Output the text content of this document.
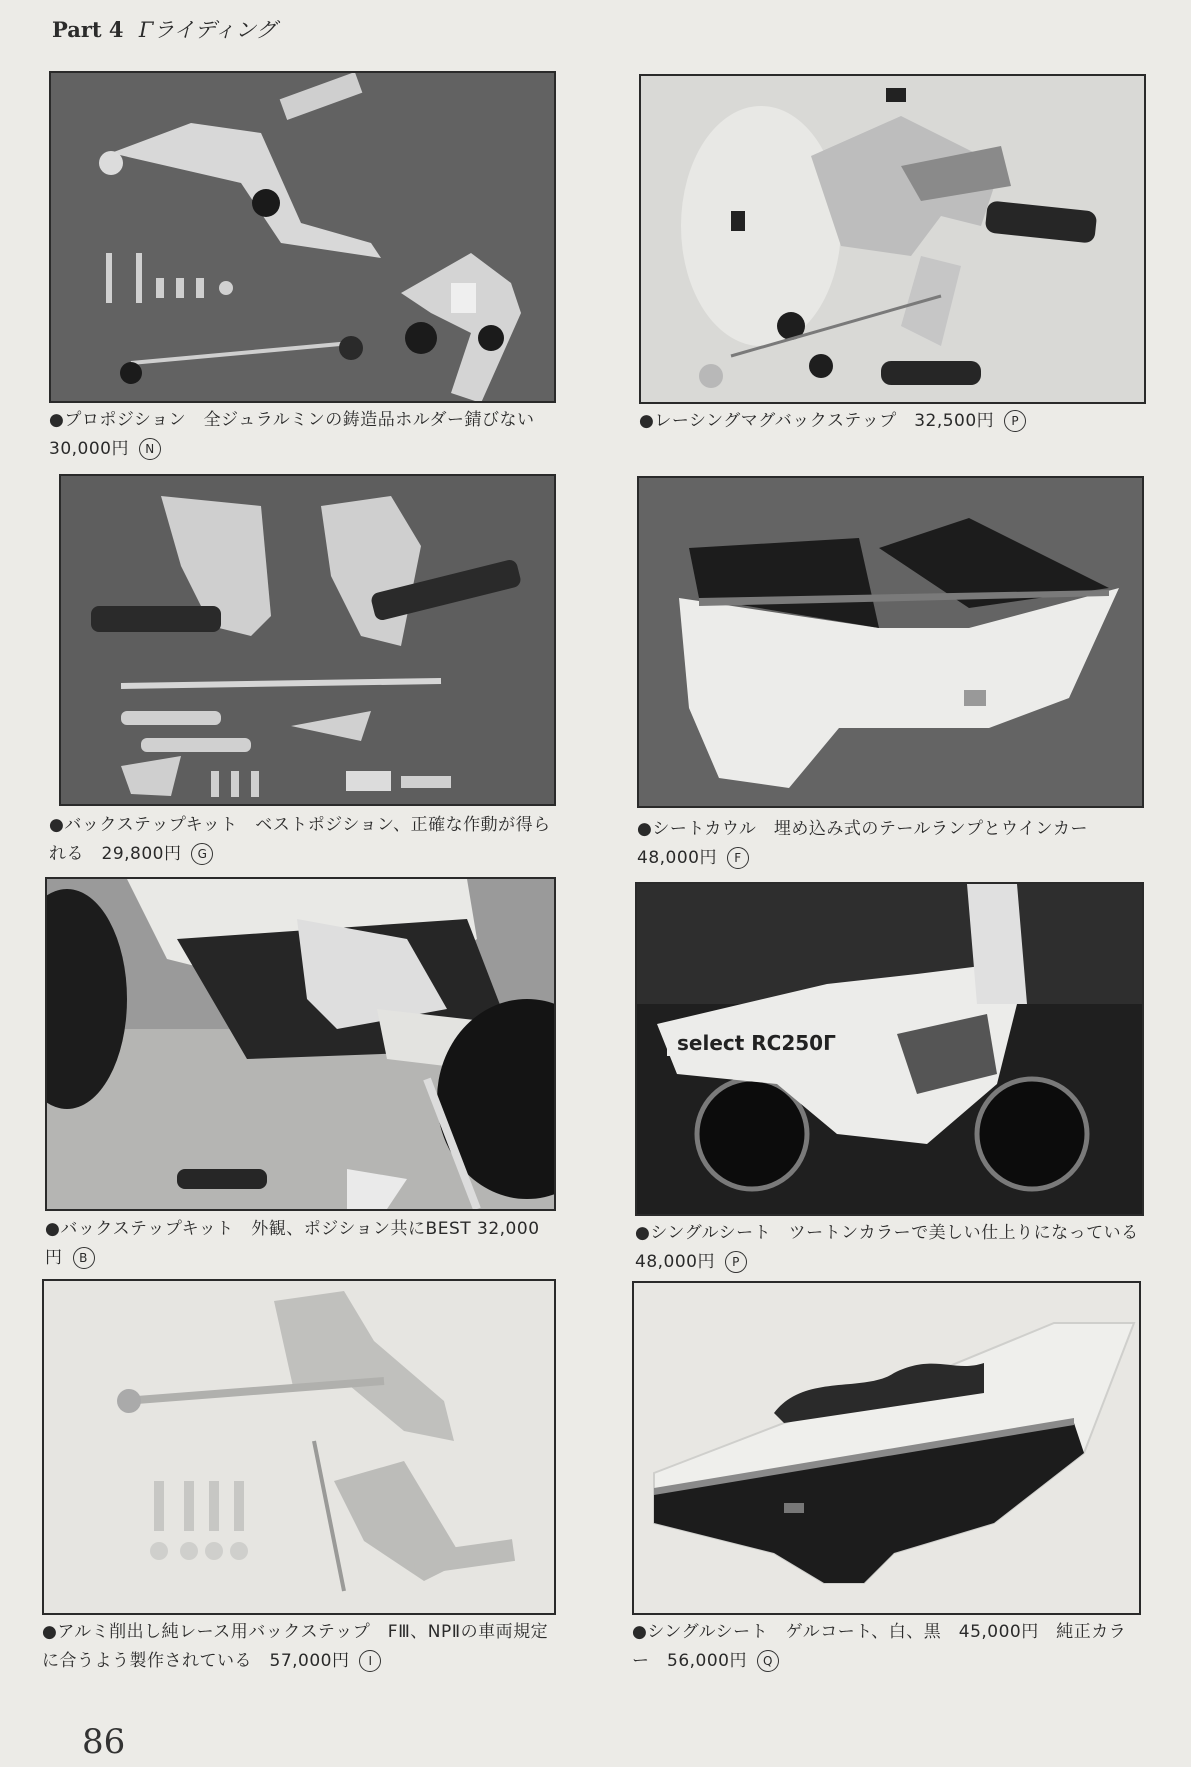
Part 4 Γライディング
●プロポジション　全ジュラルミンの鋳造品ホルダー錆びない　30,000円 N
●レーシングマグバックステップ　32,500円 P
●バックステップキット　ベストポジション、正確な作動が得られる　29,800円 G
●シートカウル　埋め込み式のテールランプとウインカー　48,000円 F
●バックステップキット　外観、ポジション共にBEST 32,000円 B
select RC250Γ
●シングルシート　ツートンカラーで美しい仕上りになっている　48,000円 P
●アルミ削出し純レース用バックステップ　FⅢ、NPⅡの車両規定に合うよう製作されている　57,000円 I
●シングルシート　ゲルコート、白、黒　45,000円　純正カラー　56,000円 Q
86
